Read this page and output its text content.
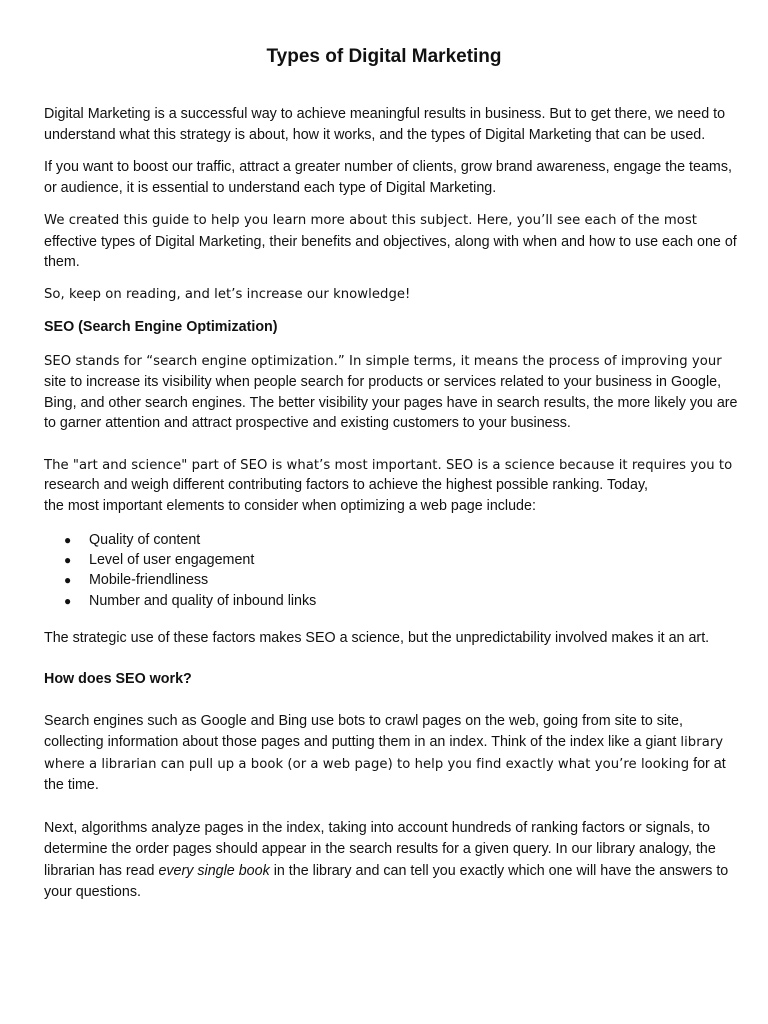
Types of Digital Marketing

Digital Marketing is a successful way to achieve meaningful results in business. But to get there, we need to understand what this strategy is about, how it works, and the types of Digital Marketing that can be used.

If you want to boost our traffic, attract a greater number of clients, grow brand awareness, engage the teams, or audience, it is essential to understand each type of Digital Marketing.

We created this guide to help you learn more about this subject. Here, you’ll see each of the most effective types of Digital Marketing, their benefits and objectives, along with when and how to use each one of them.

So, keep on reading, and let’s increase our knowledge!

SEO (Search Engine Optimization)

SEO stands for “search engine optimization.” In simple terms, it means the process of improving your site to increase its visibility when people search for products or services related to your business in Google, Bing, and other search engines. The better visibility your pages have in search results, the more likely you are to garner attention and attract prospective and existing customers to your business.

The "art and science" part of SEO is what’s most important. SEO is a science because it requires you to
research and weigh different contributing factors to achieve the highest possible ranking. Today,
the most important elements to consider when optimizing a web page include:

● Quality of content
● Level of user engagement
● Mobile-friendliness
● Number and quality of inbound links

The strategic use of these factors makes SEO a science, but the unpredictability involved makes it an art.

How does SEO work?

Search engines such as Google and Bing use bots to crawl pages on the web, going from site to site, collecting information about those pages and putting them in an index. Think of the index like a giant library where a librarian can pull up a book (or a web page) to help you find exactly what you’re looking for at the time.

Next, algorithms analyze pages in the index, taking into account hundreds of ranking factors or signals, to determine the order pages should appear in the search results for a given query. In our library analogy, the librarian has read every single book in the library and can tell you exactly which one will have the answers to your questions.
